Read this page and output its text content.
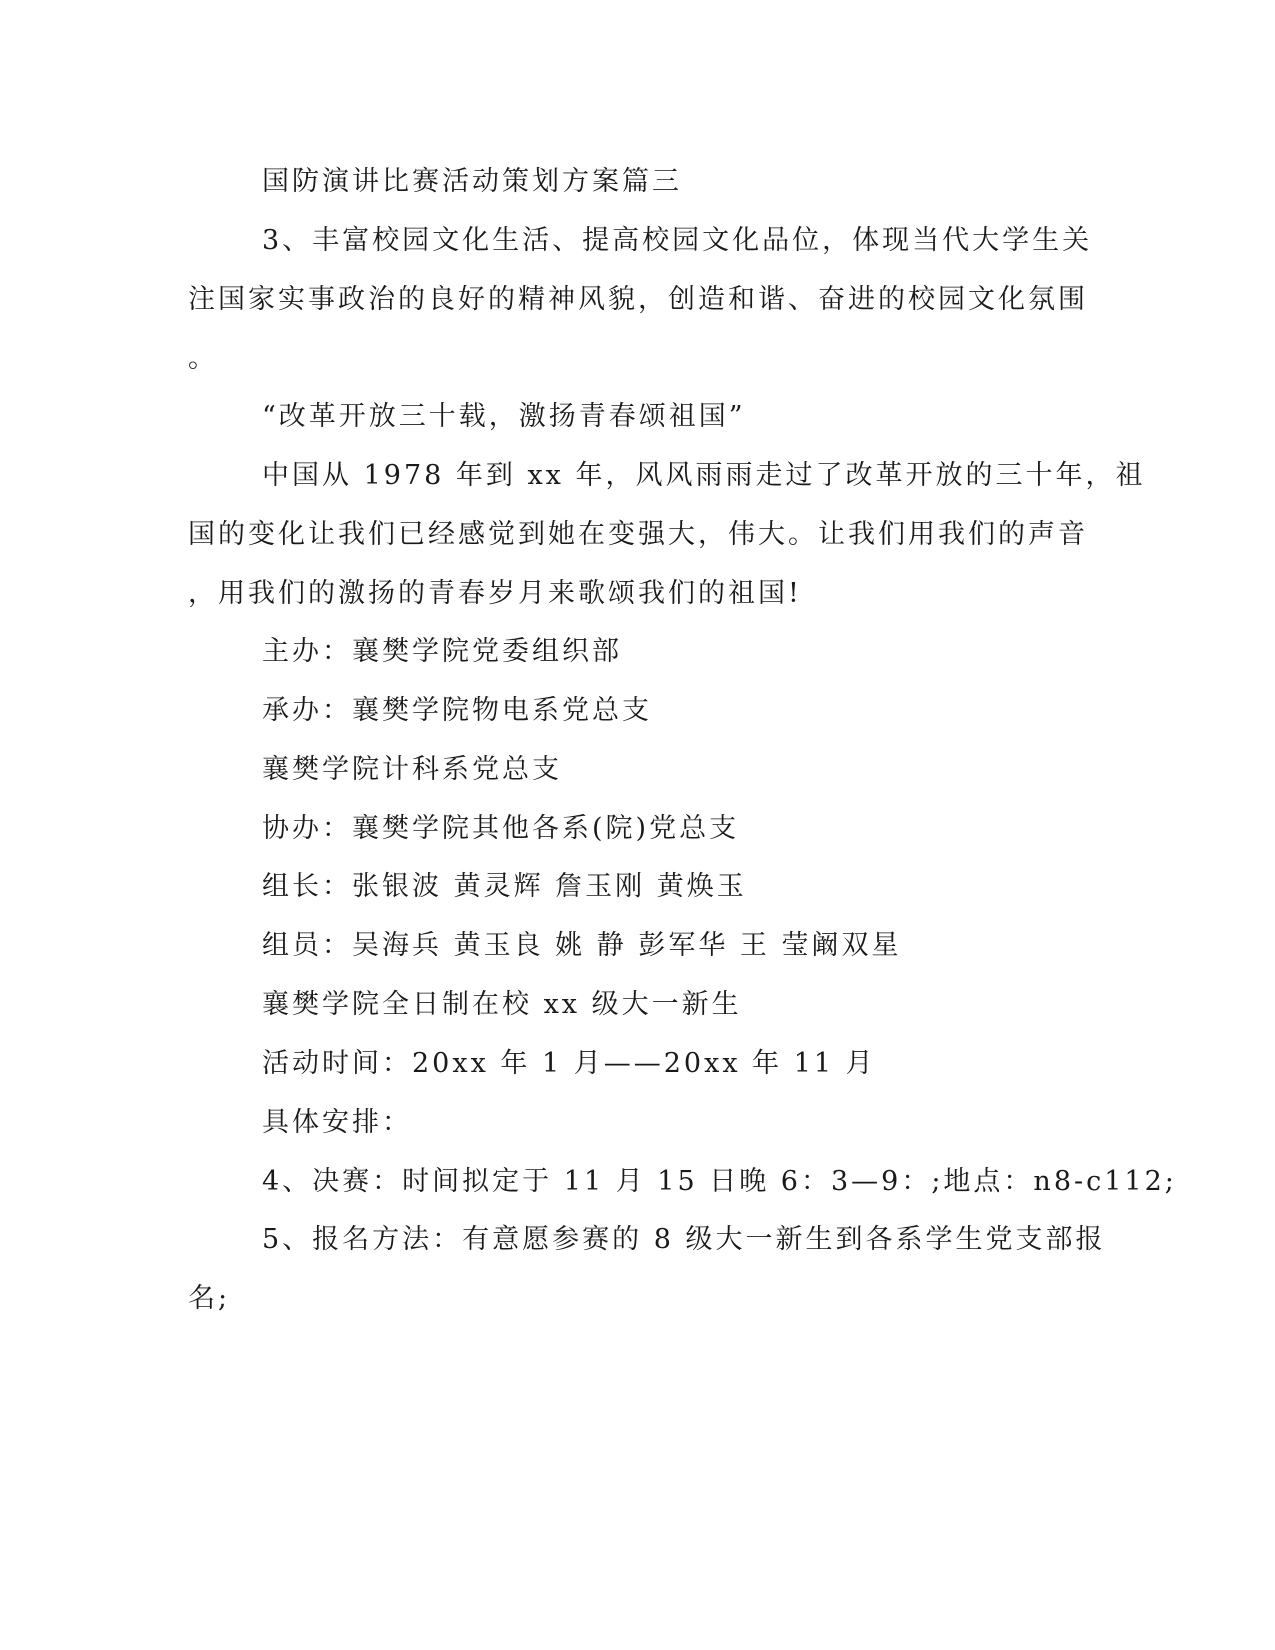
国防演讲比赛活动策划方案篇三
3、丰富校园文化生活、提高校园文化品位，体现当代大学生关
注国家实事政治的良好的精神风貌，创造和谐、奋进的校园文化氛围
。
“改革开放三十载，激扬青春颂祖国”
中国从 1978 年到 xx 年，风风雨雨走过了改革开放的三十年，祖
国的变化让我们已经感觉到她在变强大，伟大。让我们用我们的声音
，用我们的激扬的青春岁月来歌颂我们的祖国!
主办：襄樊学院党委组织部
承办：襄樊学院物电系党总支
襄樊学院计科系党总支
协办：襄樊学院其他各系(院)党总支
组长：张银波 黄灵辉 詹玉刚 黄焕玉
组员：吴海兵 黄玉良 姚 静 彭军华 王 莹阚双星
襄樊学院全日制在校 xx 级大一新生
活动时间：20xx 年 1 月——20xx 年 11 月
具体安排：
4、决赛：时间拟定于 11 月 15 日晚 6：3—9：;地点：n8-c112;
5、报名方法：有意愿参赛的 8 级大一新生到各系学生党支部报
名;
